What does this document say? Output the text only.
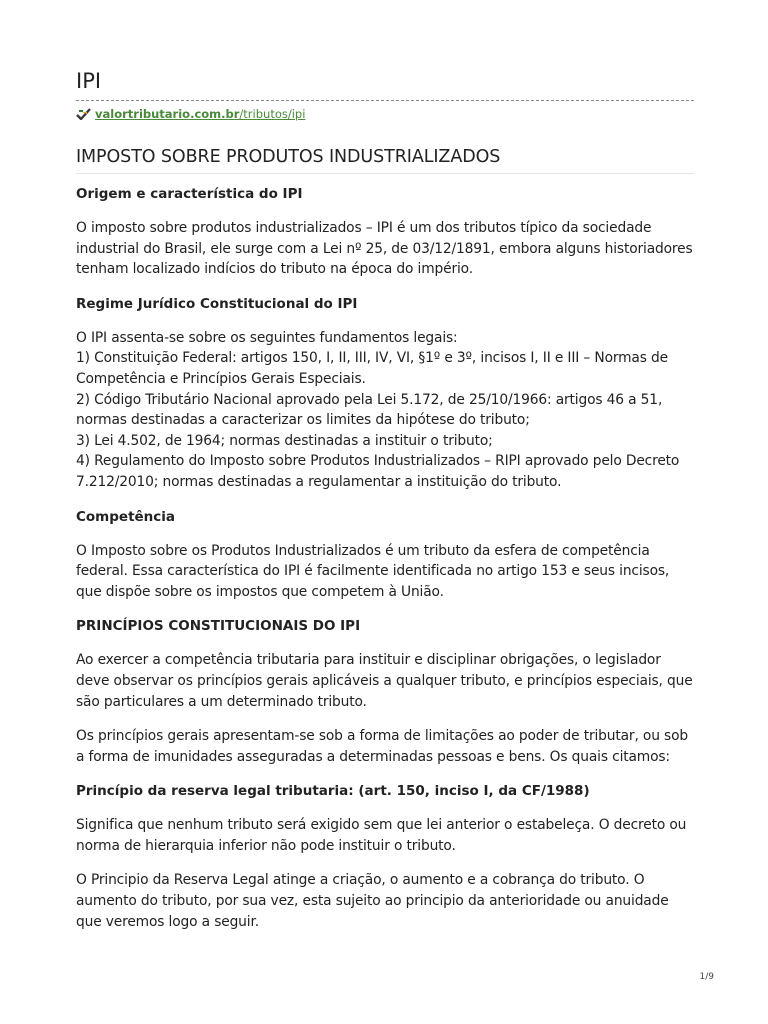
IPI
valortributario.com.br/tributos/ipi
IMPOSTO SOBRE PRODUTOS INDUSTRIALIZADOS
Origem e característica do IPI

O imposto sobre produtos industrializados – IPI é um dos tributos típico da sociedade industrial do Brasil, ele surge com a Lei nº 25, de 03/12/1891, embora alguns historiadores tenham localizado indícios do tributo na época do império.

Regime Jurídico Constitucional do IPI

O IPI assenta-se sobre os seguintes fundamentos legais:
1) Constituição Federal: artigos 150, I, II, III, IV, VI, §1º e 3º, incisos I, II e III – Normas de Competência e Princípios Gerais Especiais.
2) Código Tributário Nacional aprovado pela Lei 5.172, de 25/10/1966: artigos 46 a 51, normas destinadas a caracterizar os limites da hipótese do tributo;
3) Lei 4.502, de 1964; normas destinadas a instituir o tributo;
4) Regulamento do Imposto sobre Produtos Industrializados – RIPI aprovado pelo Decreto 7.212/2010; normas destinadas a regulamentar a instituição do tributo.

Competência

O Imposto sobre os Produtos Industrializados é um tributo da esfera de competência federal. Essa característica do IPI é facilmente identificada no artigo 153 e seus incisos, que dispõe sobre os impostos que competem à União.

PRINCÍPIOS CONSTITUCIONAIS DO IPI

Ao exercer a competência tributaria para instituir e disciplinar obrigações, o legislador deve observar os princípios gerais aplicáveis a qualquer tributo, e princípios especiais, que são particulares a um determinado tributo.

Os princípios gerais apresentam-se sob a forma de limitações ao poder de tributar, ou sob a forma de imunidades asseguradas a determinadas pessoas e bens. Os quais citamos:

Princípio da reserva legal tributaria: (art. 150, inciso I, da CF/1988)

Significa que nenhum tributo será exigido sem que lei anterior o estabeleça. O decreto ou norma de hierarquia inferior não pode instituir o tributo.

O Principio da Reserva Legal atinge a criação, o aumento e a cobrança do tributo. O aumento do tributo, por sua vez, esta sujeito ao principio da anterioridade ou anuidade que veremos logo a seguir.

1/9
